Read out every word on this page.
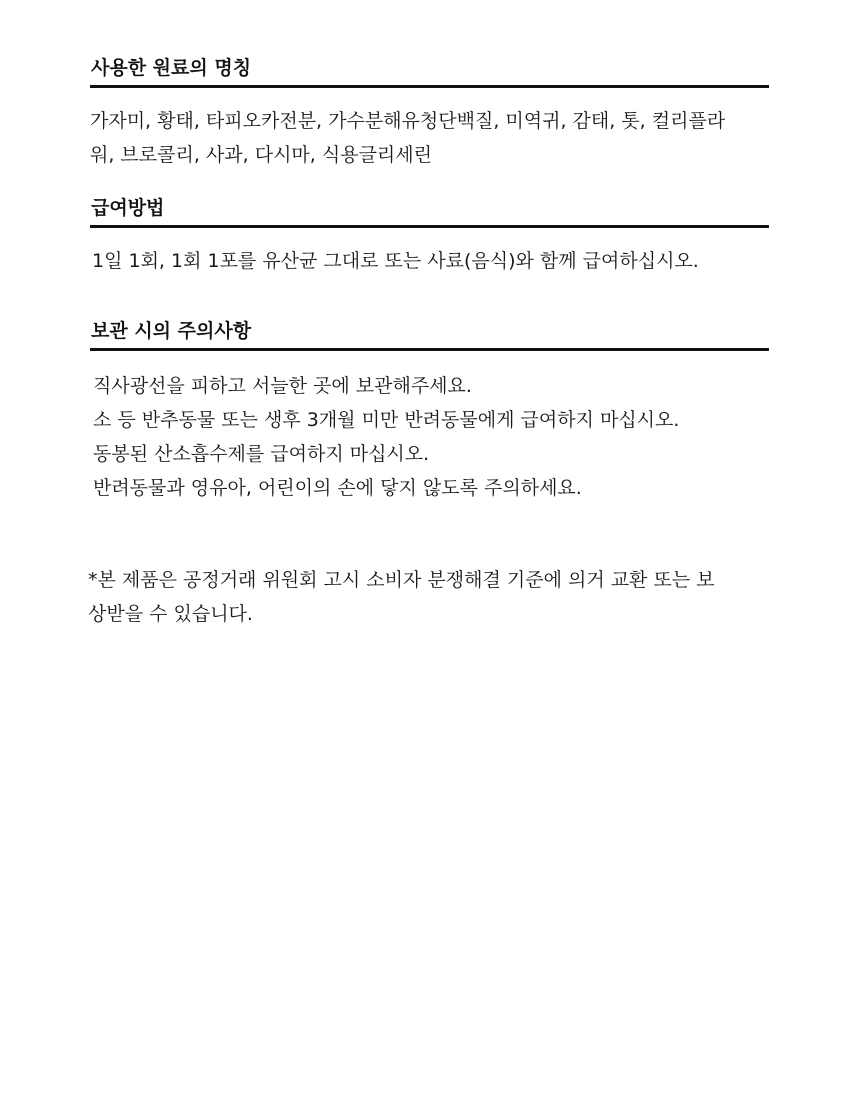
사용한 원료의 명칭

가자미, 황태, 타피오카전분, 가수분해유청단백질, 미역귀, 감태, 톳, 컬리플라
워, 브로콜리, 사과, 다시마, 식용글리세린

급여방법

1일 1회, 1회 1포를 유산균 그대로 또는 사료(음식)와 함께 급여하십시오.

보관 시의 주의사항

직사광선을 피하고 서늘한 곳에 보관해주세요.
소 등 반추동물 또는 생후 3개월 미만 반려동물에게 급여하지 마십시오.
동봉된 산소흡수제를 급여하지 마십시오.
반려동물과 영유아, 어린이의 손에 닿지 않도록 주의하세요.

*본 제품은 공정거래 위원회 고시 소비자 분쟁해결 기준에 의거 교환 또는 보
상받을 수 있습니다.
